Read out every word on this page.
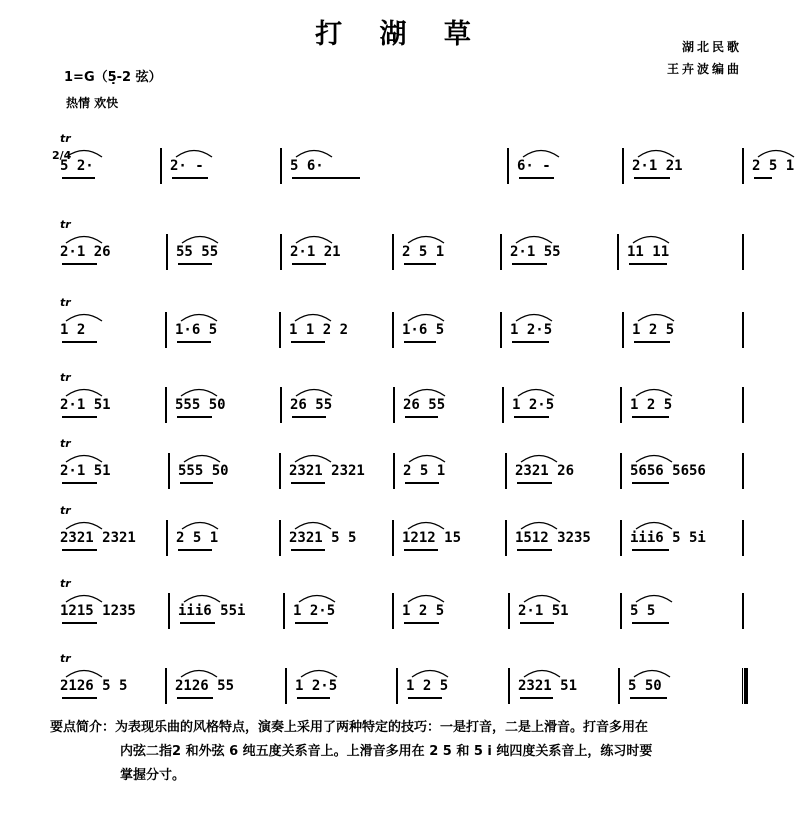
打 湖 草	湖北民歌
王卉波编曲
1=G（5̣-2 弦）
热情 欢快
5 2·	2· -	5 6·	6· -	2·1 21	2 5 1
tr
2·1 26	55 55	2·1 21	2 5 1	2·1 55	11 11
tr
1 2	1·6 5	1 1 2 2	1·6 5	1 2·5	1 2 5
tr
2·1 51	555 50	26 55	26 55	1 2·5	1 2 5
tr
2·1 51	555 50	2321 2321	2 5 1	2321 26	5656 5656
tr
2321 2321	2 5 1	2321 5 5	1212 15	1512 3235	iii6 5 5i
tr
1215 1235	iii6 55i	1 2·5	1 2 5	2·1 51	5 5
tr
2126 5 5	2126 55	1 2·5	1 2 5	2321 51	5 50
tr
2/4

要点简介：为表现乐曲的风格特点，演奏上采用了两种特定的技巧：一是打音，二是上滑音。打音多用在

内弦二指2 和外弦 6 纯五度关系音上。上滑音多用在 2 5 和 5 i 纯四度关系音上，练习时要

掌握分寸。
